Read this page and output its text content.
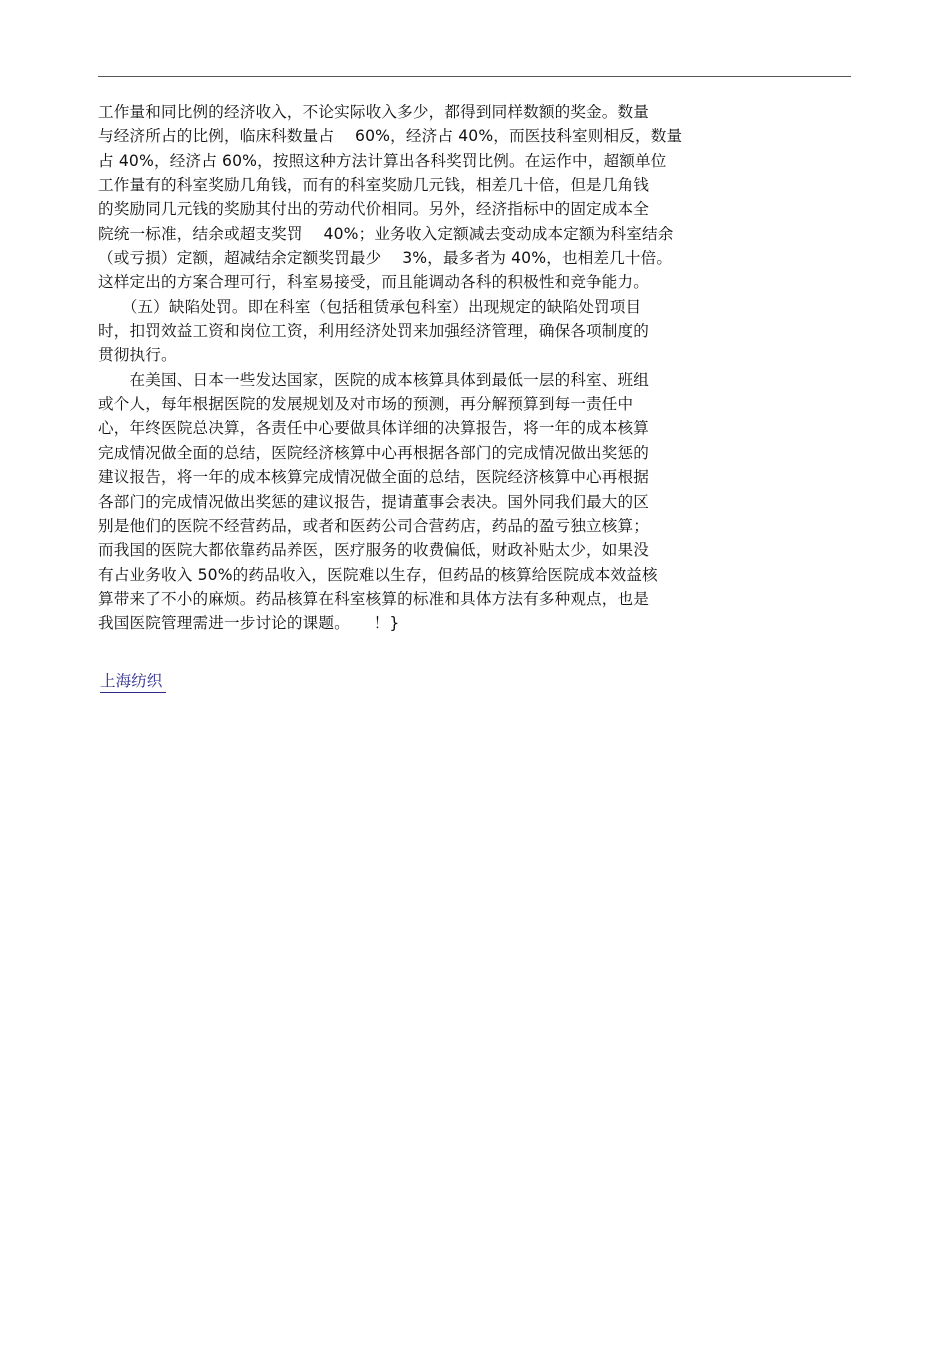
工作量和同比例的经济收入，不论实际收入多少，都得到同样数额的奖金。数量
与经济所占的比例，临床科数量占　 60%，经济占 40%，而医技科室则相反，数量
占 40%，经济占 60%，按照这种方法计算出各科奖罚比例。在运作中，超额单位
工作量有的科室奖励几角钱，而有的科室奖励几元钱，相差几十倍，但是几角钱
的奖励同几元钱的奖励其付出的劳动代价相同。另外，经济指标中的固定成本全
院统一标准，结余或超支奖罚　 40%；业务收入定额减去变动成本定额为科室结余
（或亏损）定额，超减结余定额奖罚最少　 3%，最多者为 40%，也相差几十倍。
这样定出的方案合理可行，科室易接受，而且能调动各科的积极性和竞争能力。
　　（五）缺陷处罚。即在科室（包括租赁承包科室）出现规定的缺陷处罚项目
时，扣罚效益工资和岗位工资，利用经济处罚来加强经济管理，确保各项制度的
贯彻执行。
　　在美国、日本一些发达国家，医院的成本核算具体到最低一层的科室、班组
或个人，每年根据医院的发展规划及对市场的预测，再分解预算到每一责任中
心，年终医院总决算，各责任中心要做具体详细的决算报告，将一年的成本核算
完成情况做全面的总结，医院经济核算中心再根据各部门的完成情况做出奖惩的
建议报告，将一年的成本核算完成情况做全面的总结，医院经济核算中心再根据
各部门的完成情况做出奖惩的建议报告，提请董事会表决。国外同我们最大的区
别是他们的医院不经营药品，或者和医药公司合营药店，药品的盈亏独立核算；
而我国的医院大都依靠药品养医，医疗服务的收费偏低，财政补贴太少，如果没
有占业务收入 50%的药品收入，医院难以生存，但药品的核算给医院成本效益核
算带来了不小的麻烦。药品核算在科室核算的标准和具体方法有多种观点，也是
我国医院管理需进一步讨论的课题。　　！}
上海纺织
